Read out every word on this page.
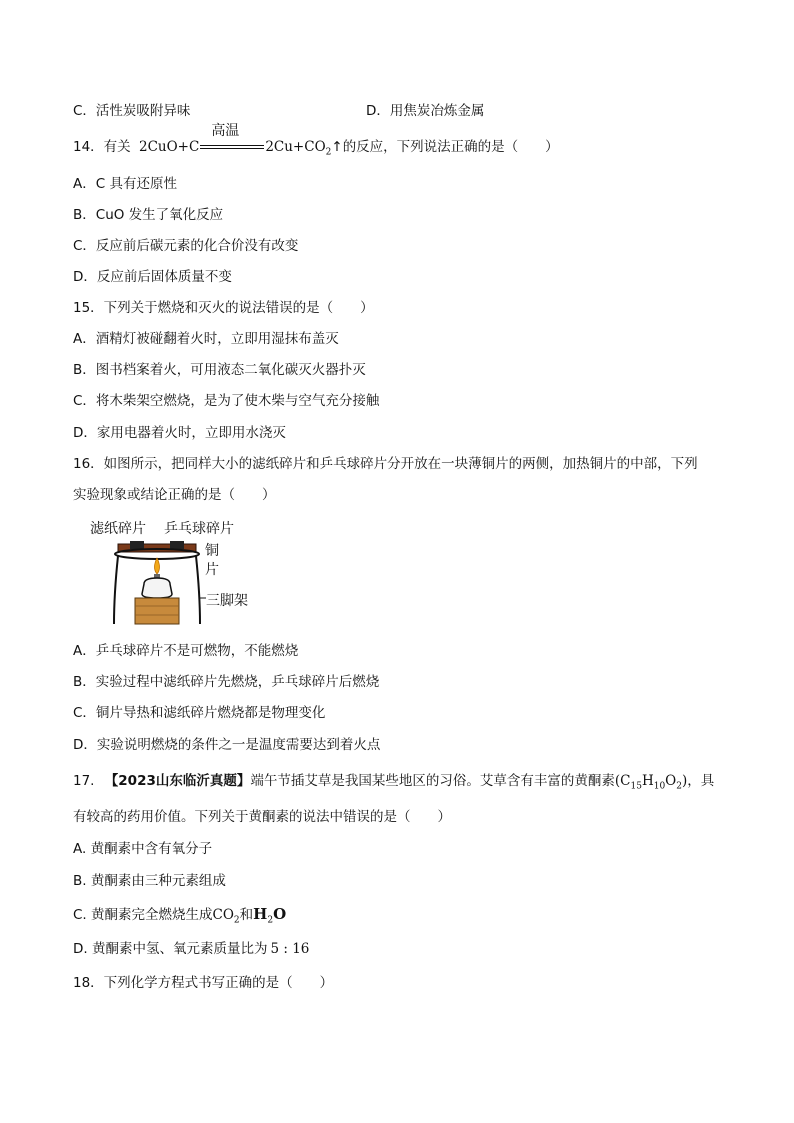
C．活性炭吸附异味	D．用焦炭冶炼金属
14．有关 2CuO+C
高温
$2Cu+CO_2↑$的反应，下列说法正确的是（　　）
A．C 具有还原性
B．CuO 发生了氧化反应
C．反应前后碳元素的化合价没有改变
D．反应前后固体质量不变
15．下列关于燃烧和灭火的说法错误的是（　　）
A．酒精灯被碰翻着火时，立即用湿抹布盖灭
B．图书档案着火，可用液态二氧化碳灭火器扑灭
C．将木柴架空燃烧，是为了使木柴与空气充分接触
D．家用电器着火时，立即用水浇灭
16．如图所示，把同样大小的滤纸碎片和乒乓球碎片分开放在一块薄铜片的两侧，加热铜片的中部，下列
实验现象或结论正确的是（　　）
滤纸碎片 乒乓球碎片
铜
片
三脚架
A．乒乓球碎片不是可燃物，不能燃烧
B．实验过程中滤纸碎片先燃烧，乒乓球碎片后燃烧
C．铜片导热和滤纸碎片燃烧都是物理变化
D．实验说明燃烧的条件之一是温度需要达到着火点
17. 【2023山东临沂真题】端午节插艾草是我国某些地区的习俗。艾草含有丰富的黄酮素$(C_{15}H_{10}O_2)$，具
有较高的药用价值。下列关于黄酮素的说法中错误的是（　　）
A. 黄酮素中含有氧分子
B. 黄酮素由三种元素组成
C. 黄酮素完全燃烧生成$CO_2$和$H_2O$
D. 黄酮素中氢、氧元素质量比为 5 : 16
18．下列化学方程式书写正确的是（　　）
